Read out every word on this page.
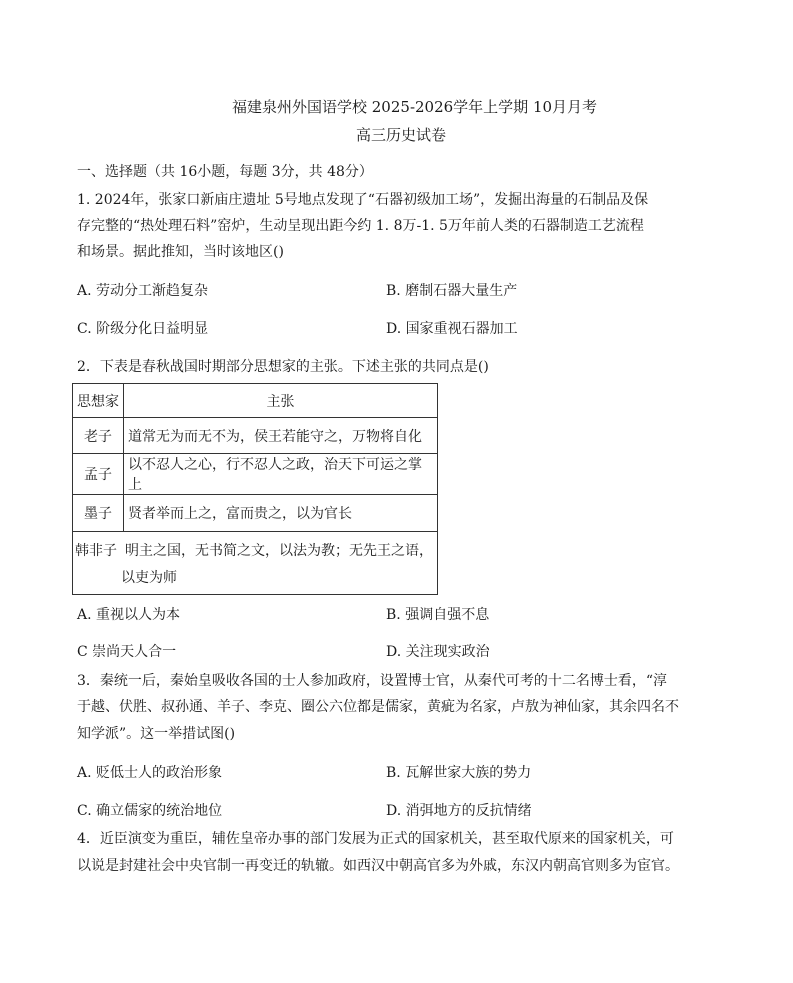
福建泉州外国语学校 2025-2026学年上学期 10月月考
高三历史试卷
一、选择题（共 16小题，每题 3分，共 48分）
1. 2024年，张家口新庙庄遗址 5号地点发现了“石器初级加工场”，发掘出海量的石制品及保
存完整的“热处理石料”窑炉，生动呈现出距今约 1. 8万-1. 5万年前人类的石器制造工艺流程
和场景。据此推知，当时该地区()
A. 劳动分工渐趋复杂	B. 磨制石器大量生产
C. 阶级分化日益明显	D. 国家重视石器加工
2．下表是春秋战国时期部分思想家的主张。下述主张的共同点是()
思想家	主张
老子	道常无为而无不为，侯王若能守之，万物将自化
孟子	以不忍人之心，行不忍人之政，治天下可运之掌上
墨子	贤者举而上之，富而贵之，以为官长

韩非子 明主之国，无书简之文，以法为教；无先王之语，
以吏为师	
A. 重视以人为本	B. 强调自强不息
C 崇尚天人合一	D. 关注现实政治
3．秦统一后，秦始皇吸收各国的士人参加政府，设置博士官，从秦代可考的十二名博士看，“淳
于越、伏胜、叔孙通、羊子、李克、圈公六位都是儒家，黄疵为名家，卢敖为神仙家，其余四名不
知学派”。这一举措试图()
A. 贬低士人的政治形象	B. 瓦解世家大族的势力
C. 确立儒家的统治地位	D. 消弭地方的反抗情绪
4．近臣演变为重臣，辅佐皇帝办事的部门发展为正式的国家机关，甚至取代原来的国家机关，可
以说是封建社会中央官制一再变迁的轨辙。如西汉中朝高官多为外戚，东汉内朝高官则多为宦官。
